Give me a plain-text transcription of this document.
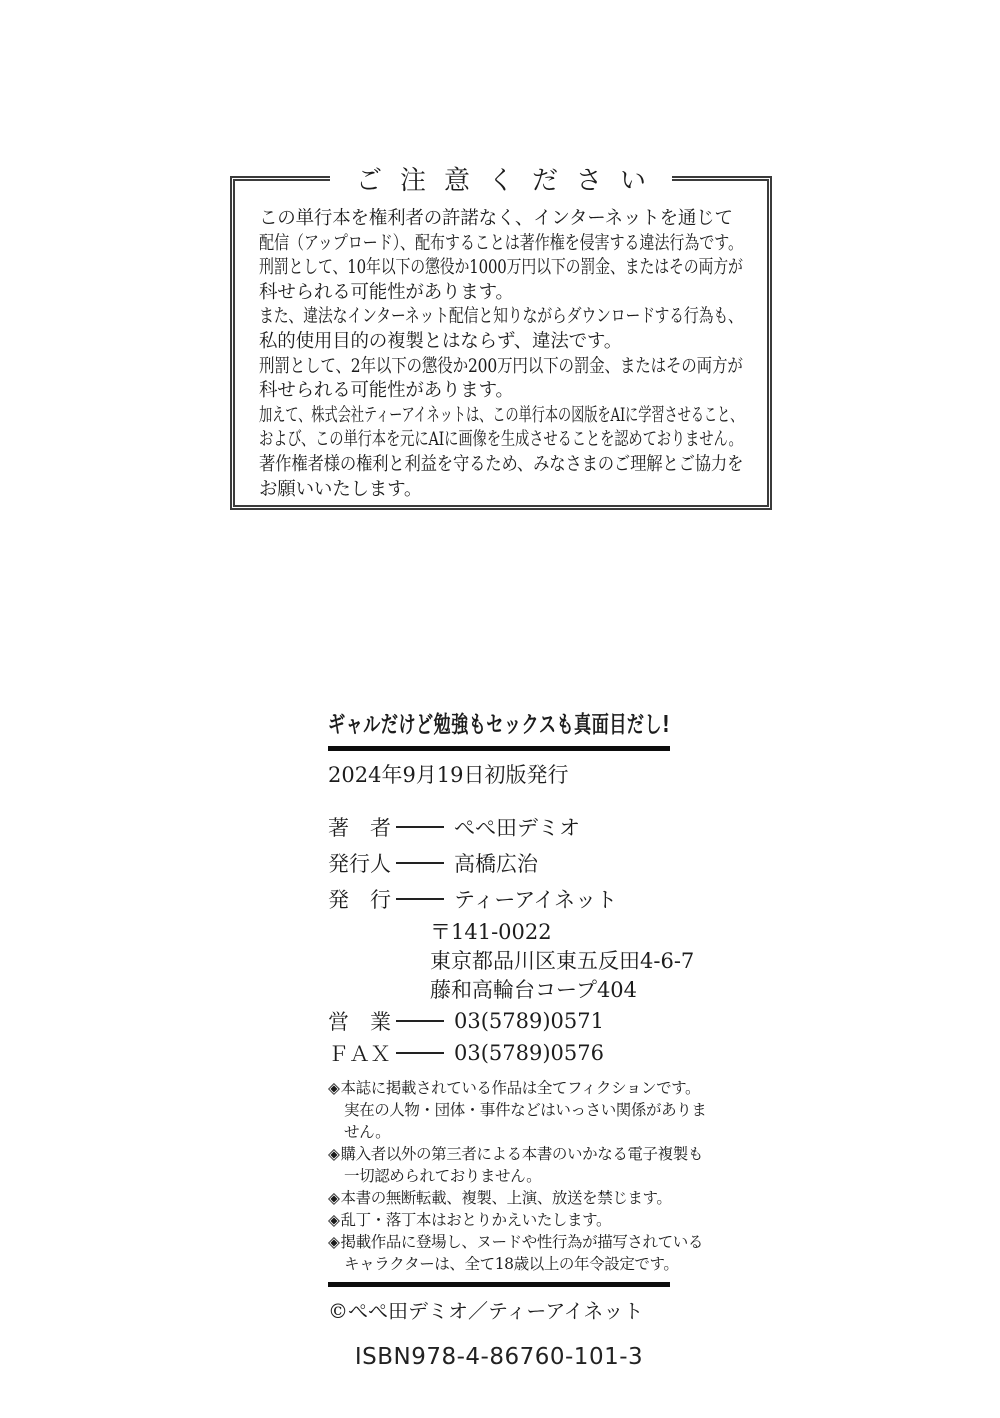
ご注意ください
この単行本を権利者の許諾なく、インターネットを通じて
配信（アップロード）、配布することは著作権を侵害する違法行為です。
刑罰として、10年以下の懲役か1000万円以下の罰金、またはその両方が
科せられる可能性があります。
また、違法なインターネット配信と知りながらダウンロードする行為も、
私的使用目的の複製とはならず、違法です。
刑罰として、2年以下の懲役か200万円以下の罰金、またはその両方が
科せられる可能性があります。
加えて、株式会社ティーアイネットは、この単行本の図版をAIに学習させること、
および、この単行本を元にAIに画像を生成させることを認めておりません。
著作権者様の権利と利益を守るため、みなさまのご理解とご協力を
お願いいたします。
ギャルだけど勉強もセックスも真面目だし!
2024年9月19日初版発行
著　者	ぺぺ田デミオ
発行人	高橋広治
発　行	ティーアイネット
〒141-0022
東京都品川区東五反田4-6-7
藤和高輪台コープ404
営　業	03(5789)0571
ＦＡＸ	03(5789)0576
◈本誌に掲載されている作品は全てフィクションです。実在の人物・団体・事件などはいっさい関係がありません。
◈購入者以外の第三者による本書のいかなる電子複製も一切認められておりません。
◈本書の無断転載、複製、上演、放送を禁じます。
◈乱丁・落丁本はおとりかえいたします。
◈掲載作品に登場し、ヌードや性行為が描写されているキャラクターは、全て18歳以上の年令設定です。
©ぺぺ田デミオ／ティーアイネット
ISBN978-4-86760-101-3
